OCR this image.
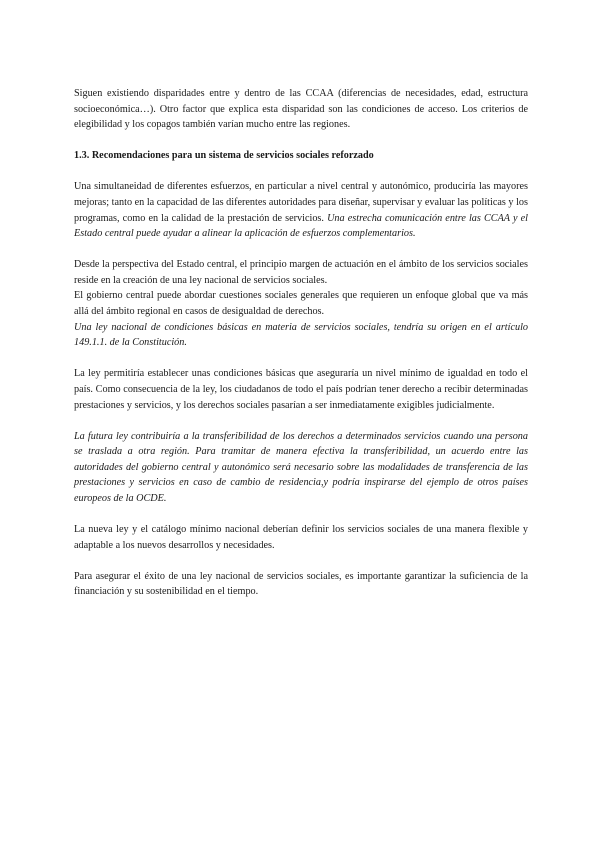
Siguen existiendo disparidades entre y dentro de las CCAA (diferencias de necesidades, edad, estructura socioeconómica…). Otro factor que explica esta disparidad son las condiciones de acceso. Los criterios de elegibilidad y los copagos también varían mucho entre las regiones.

1.3. Recomendaciones para un sistema de servicios sociales reforzado

Una simultaneidad de diferentes esfuerzos, en particular a nivel central y autonómico, produciría las mayores mejoras; tanto en la capacidad de las diferentes autoridades para diseñar, supervisar y evaluar las políticas y los programas, como en la calidad de la prestación de servicios. Una estrecha comunicación entre las CCAA y el Estado central puede ayudar a alinear la aplicación de esfuerzos complementarios.

Desde la perspectiva del Estado central, el principio margen de actuación en el ámbito de los servicios sociales reside en la creación de una ley nacional de servicios sociales.

El gobierno central puede abordar cuestiones sociales generales que requieren un enfoque global que va más allá del ámbito regional en casos de desigualdad de derechos.

Una ley nacional de condiciones básicas en materia de servicios sociales, tendría su origen en el artículo 149.1.1. de la Constitución.

La ley permitiría establecer unas condiciones básicas que aseguraría un nivel mínimo de igualdad en todo el país. Como consecuencia de la ley, los ciudadanos de todo el país podrían tener derecho a recibir determinadas prestaciones y servicios, y los derechos sociales pasarían a ser inmediatamente exigibles judicialmente.

La futura ley contribuiría a la transferibilidad de los derechos a determinados servicios cuando una persona se traslada a otra región. Para tramitar de manera efectiva la transferibilidad, un acuerdo entre las autoridades del gobierno central y autonómico será necesario sobre las modalidades de transferencia de las prestaciones y servicios en caso de cambio de residencia,y podría inspirarse del ejemplo de otros países europeos de la OCDE.

La nueva ley y el catálogo mínimo nacional deberían definir los servicios sociales de una manera flexible y adaptable a los nuevos desarrollos y necesidades.

Para asegurar el éxito de una ley nacional de servicios sociales, es importante garantizar la suficiencia de la financiación y su sostenibilidad en el tiempo.
